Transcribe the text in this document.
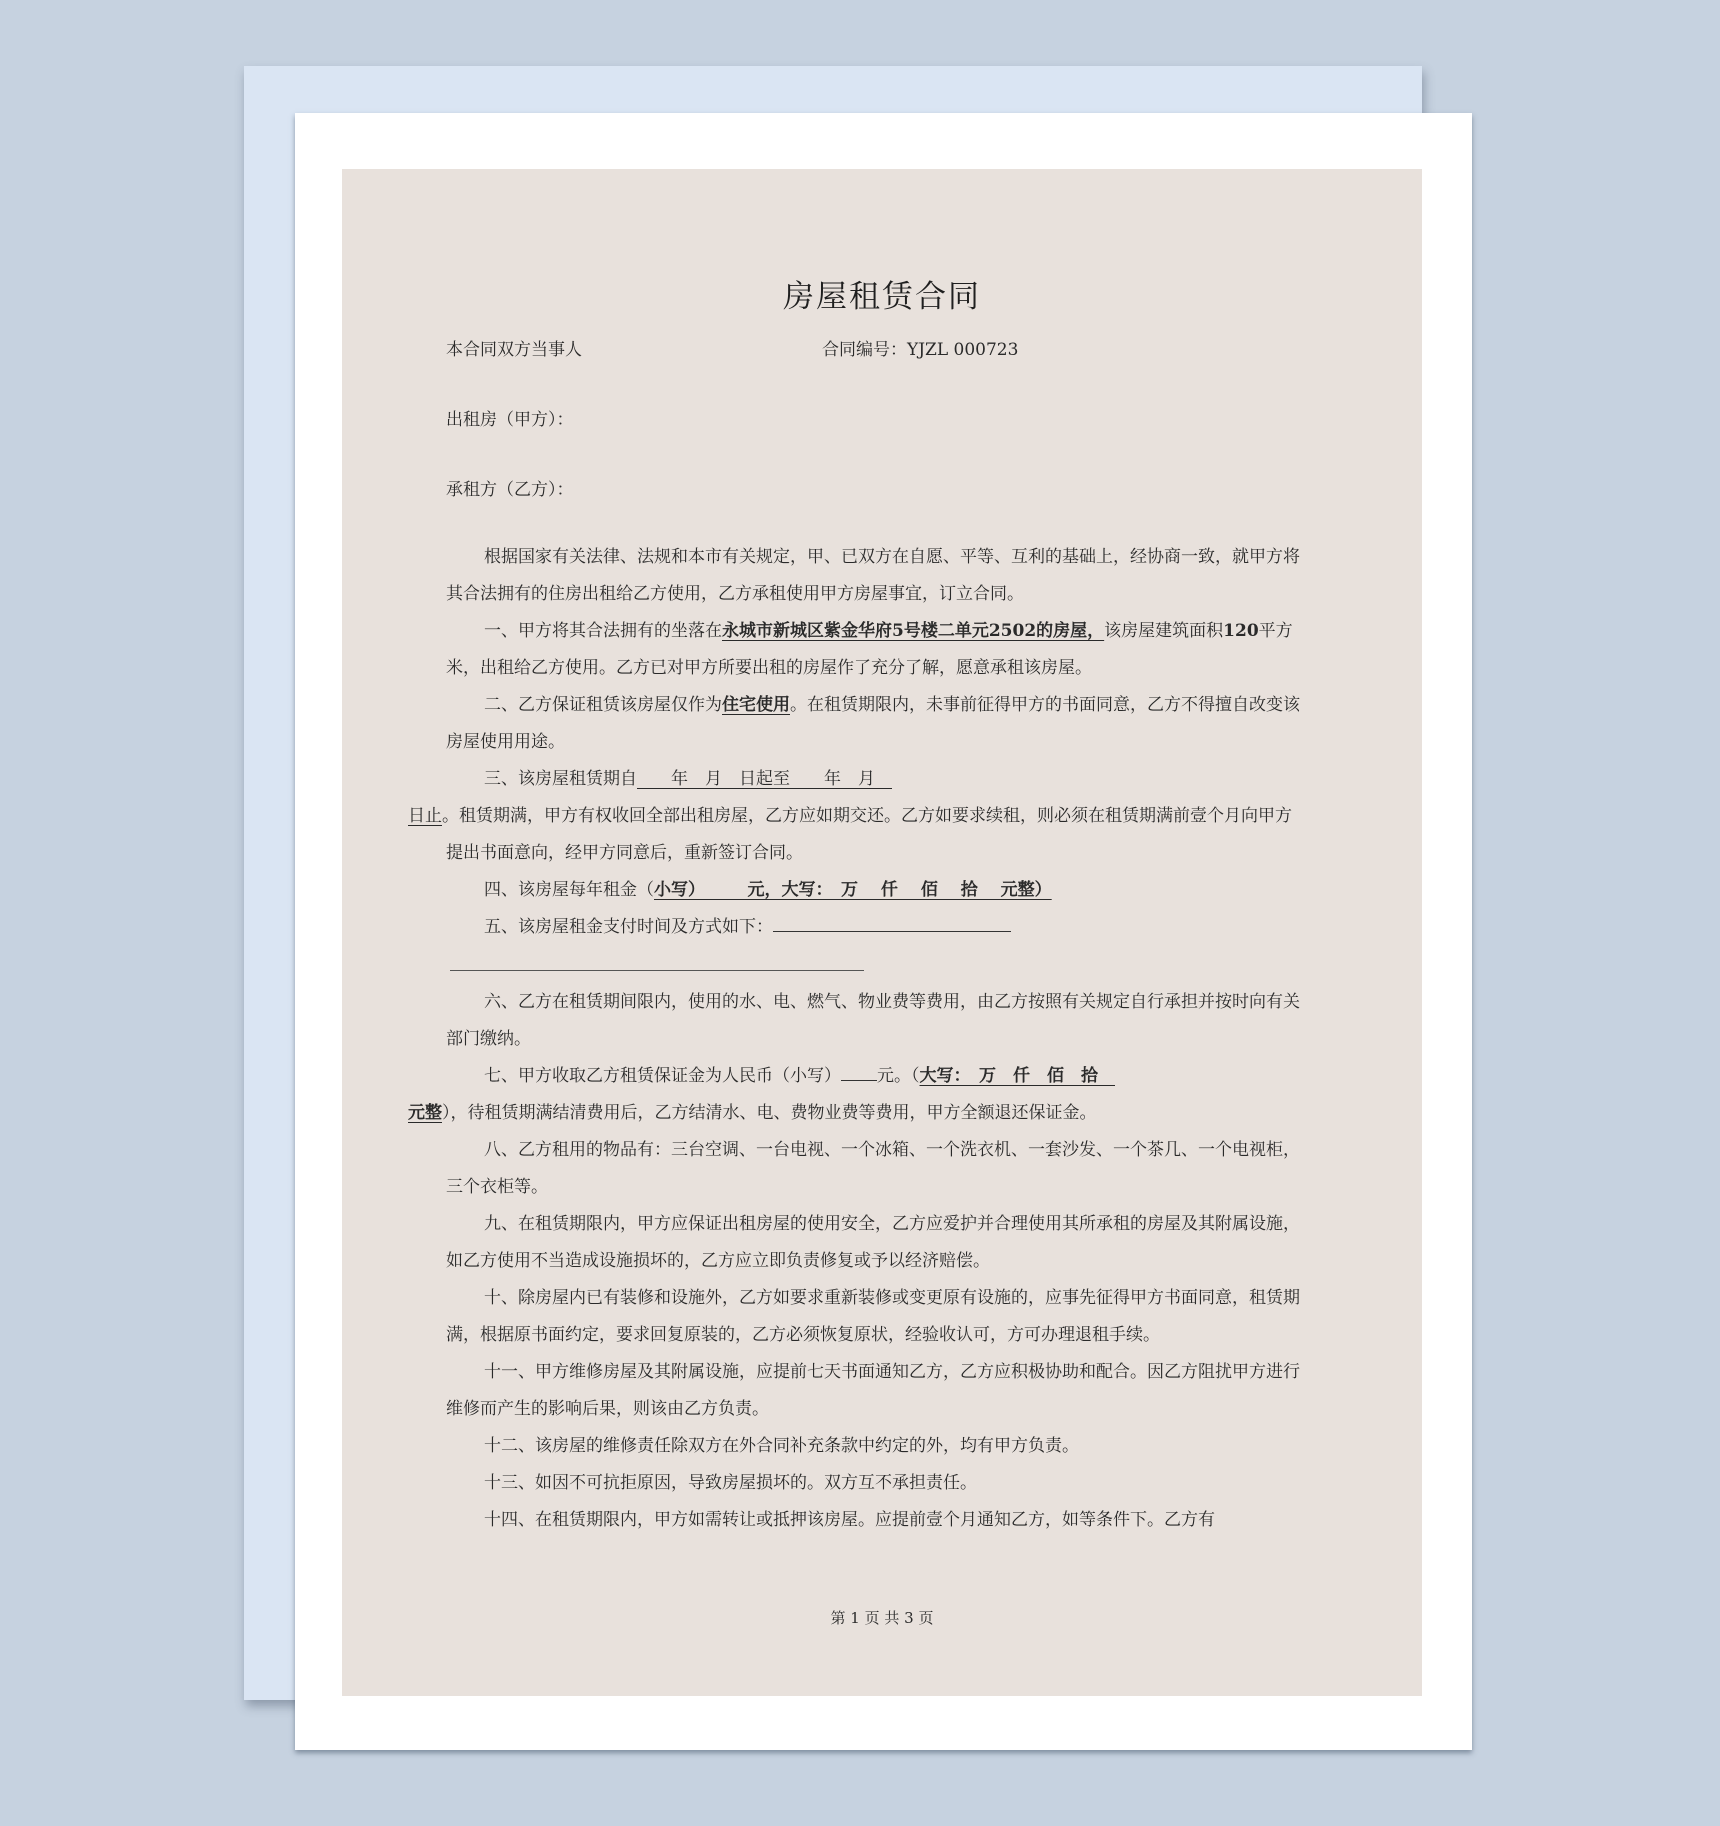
房屋租赁合同
本合同双方当事人	合同编号：YJZL 000723
出租房（甲方）：
承租方（乙方）：

根据国家有关法律、法规和本市有关规定，甲、已双方在自愿、平等、互利的基础上，经协商一致，就甲方将其合法拥有的住房出租给乙方使用，乙方承租使用甲方房屋事宜，订立合同。

一、甲方将其合法拥有的坐落在永城市新城区紫金华府5号楼二单元2502的房屋，该房屋建筑面积120平方米，出租给乙方使用。乙方已对甲方所要出租的房屋作了充分了解，愿意承租该房屋。

二、乙方保证租赁该房屋仅作为住宅使用。在租赁期限内，未事前征得甲方的书面同意，乙方不得擅自改变该房屋使用用途。

三、该房屋租赁期自　　年　月　日起至　　年　月　
日止。租赁期满，甲方有权收回全部出租房屋，乙方应如期交还。乙方如要求续租，则必须在租赁期满前壹个月向甲方提出书面意向，经甲方同意后，重新签订合同。

四、该房屋每年租金（小写）　　　元，大写：　万　 仟　 佰　 拾　 元整）

五、该房屋租金支付时间及方式如下：

六、乙方在租赁期间限内，使用的水、电、燃气、物业费等费用，由乙方按照有关规定自行承担并按时向有关部门缴纳。

七、甲方收取乙方租赁保证金为人民币（小写） 元。（大写：　万　仟　佰　拾　
元整），待租赁期满结清费用后，乙方结清水、电、费物业费等费用，甲方全额退还保证金。

八、乙方租用的物品有：三台空调、一台电视、一个冰箱、一个洗衣机、一套沙发、一个茶几、一个电视柜，三个衣柜等。

九、在租赁期限内，甲方应保证出租房屋的使用安全，乙方应爱护并合理使用其所承租的房屋及其附属设施，如乙方使用不当造成设施损坏的，乙方应立即负责修复或予以经济赔偿。

十、除房屋内已有装修和设施外，乙方如要求重新装修或变更原有设施的，应事先征得甲方书面同意，租赁期满，根据原书面约定，要求回复原装的，乙方必须恢复原状，经验收认可，方可办理退租手续。

十一、甲方维修房屋及其附属设施，应提前七天书面通知乙方，乙方应积极协助和配合。因乙方阻扰甲方进行维修而产生的影响后果，则该由乙方负责。

十二、该房屋的维修责任除双方在外合同补充条款中约定的外，均有甲方负责。

十三、如因不可抗拒原因，导致房屋损坏的。双方互不承担责任。

十四、在租赁期限内，甲方如需转让或抵押该房屋。应提前壹个月通知乙方，如等条件下。乙方有

第 1 页 共 3 页
